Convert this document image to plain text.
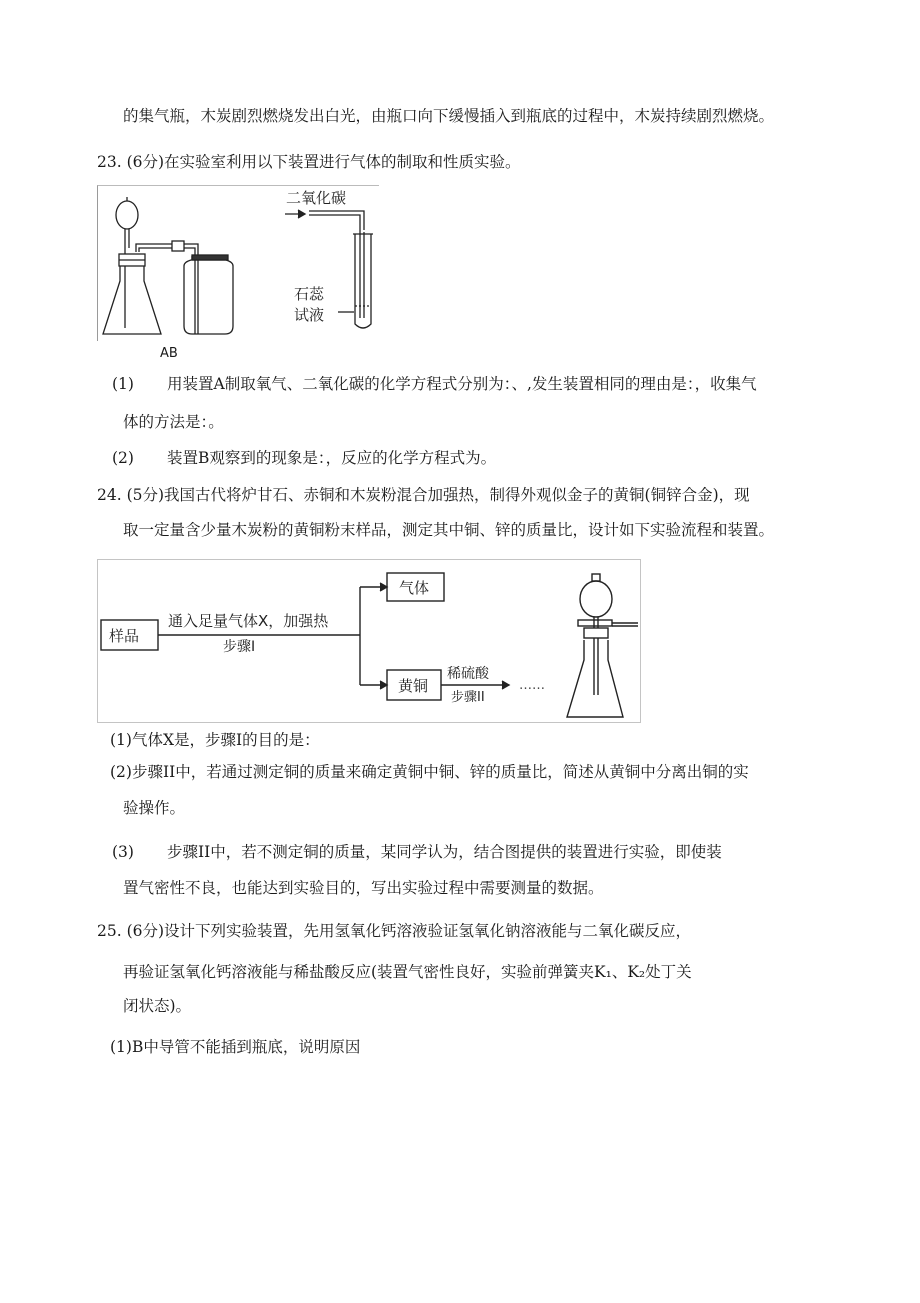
的集气瓶，木炭剧烈燃烧发出白光，由瓶口向下缓慢插入到瓶底的过程中，木炭持续剧烈燃烧。
23. (6分)在实验室利用以下装置进行气体的制取和性质实验。
二氧化碳
石蕊
试液
AB
(1) 用装置A制取氧气、二氧化碳的化学方程式分别为：、,发生装置相同的理由是：，收集气
体的方法是：。
(2) 装置B观察到的现象是：，反应的化学方程式为。
24. (5分)我国古代将炉甘石、赤铜和木炭粉混合加强热，制得外观似金子的黄铜(铜锌合金)，现
取一定量含少量木炭粉的黄铜粉末样品，测定其中铜、锌的质量比，设计如下实验流程和装置。
样品
通入足量气体X，加强热
步骤I
气体
黄铜
稀硫酸
步骤II
……
(1)气体X是，步骤I的目的是：
(2)步骤II中，若通过测定铜的质量来确定黄铜中铜、锌的质量比，简述从黄铜中分离出铜的实
验操作。
(3) 步骤II中，若不测定铜的质量，某同学认为，结合图提供的装置进行实验，即使装
置气密性不良，也能达到实验目的，写出实验过程中需要测量的数据。
25. (6分)设计下列实验装置，先用氢氧化钙溶液验证氢氧化钠溶液能与二氧化碳反应，
再验证氢氧化钙溶液能与稀盐酸反应(装置气密性良好，实验前弹簧夹K₁、K₂处丁关
闭状态)。
(1)B中导管不能插到瓶底，说明原因
